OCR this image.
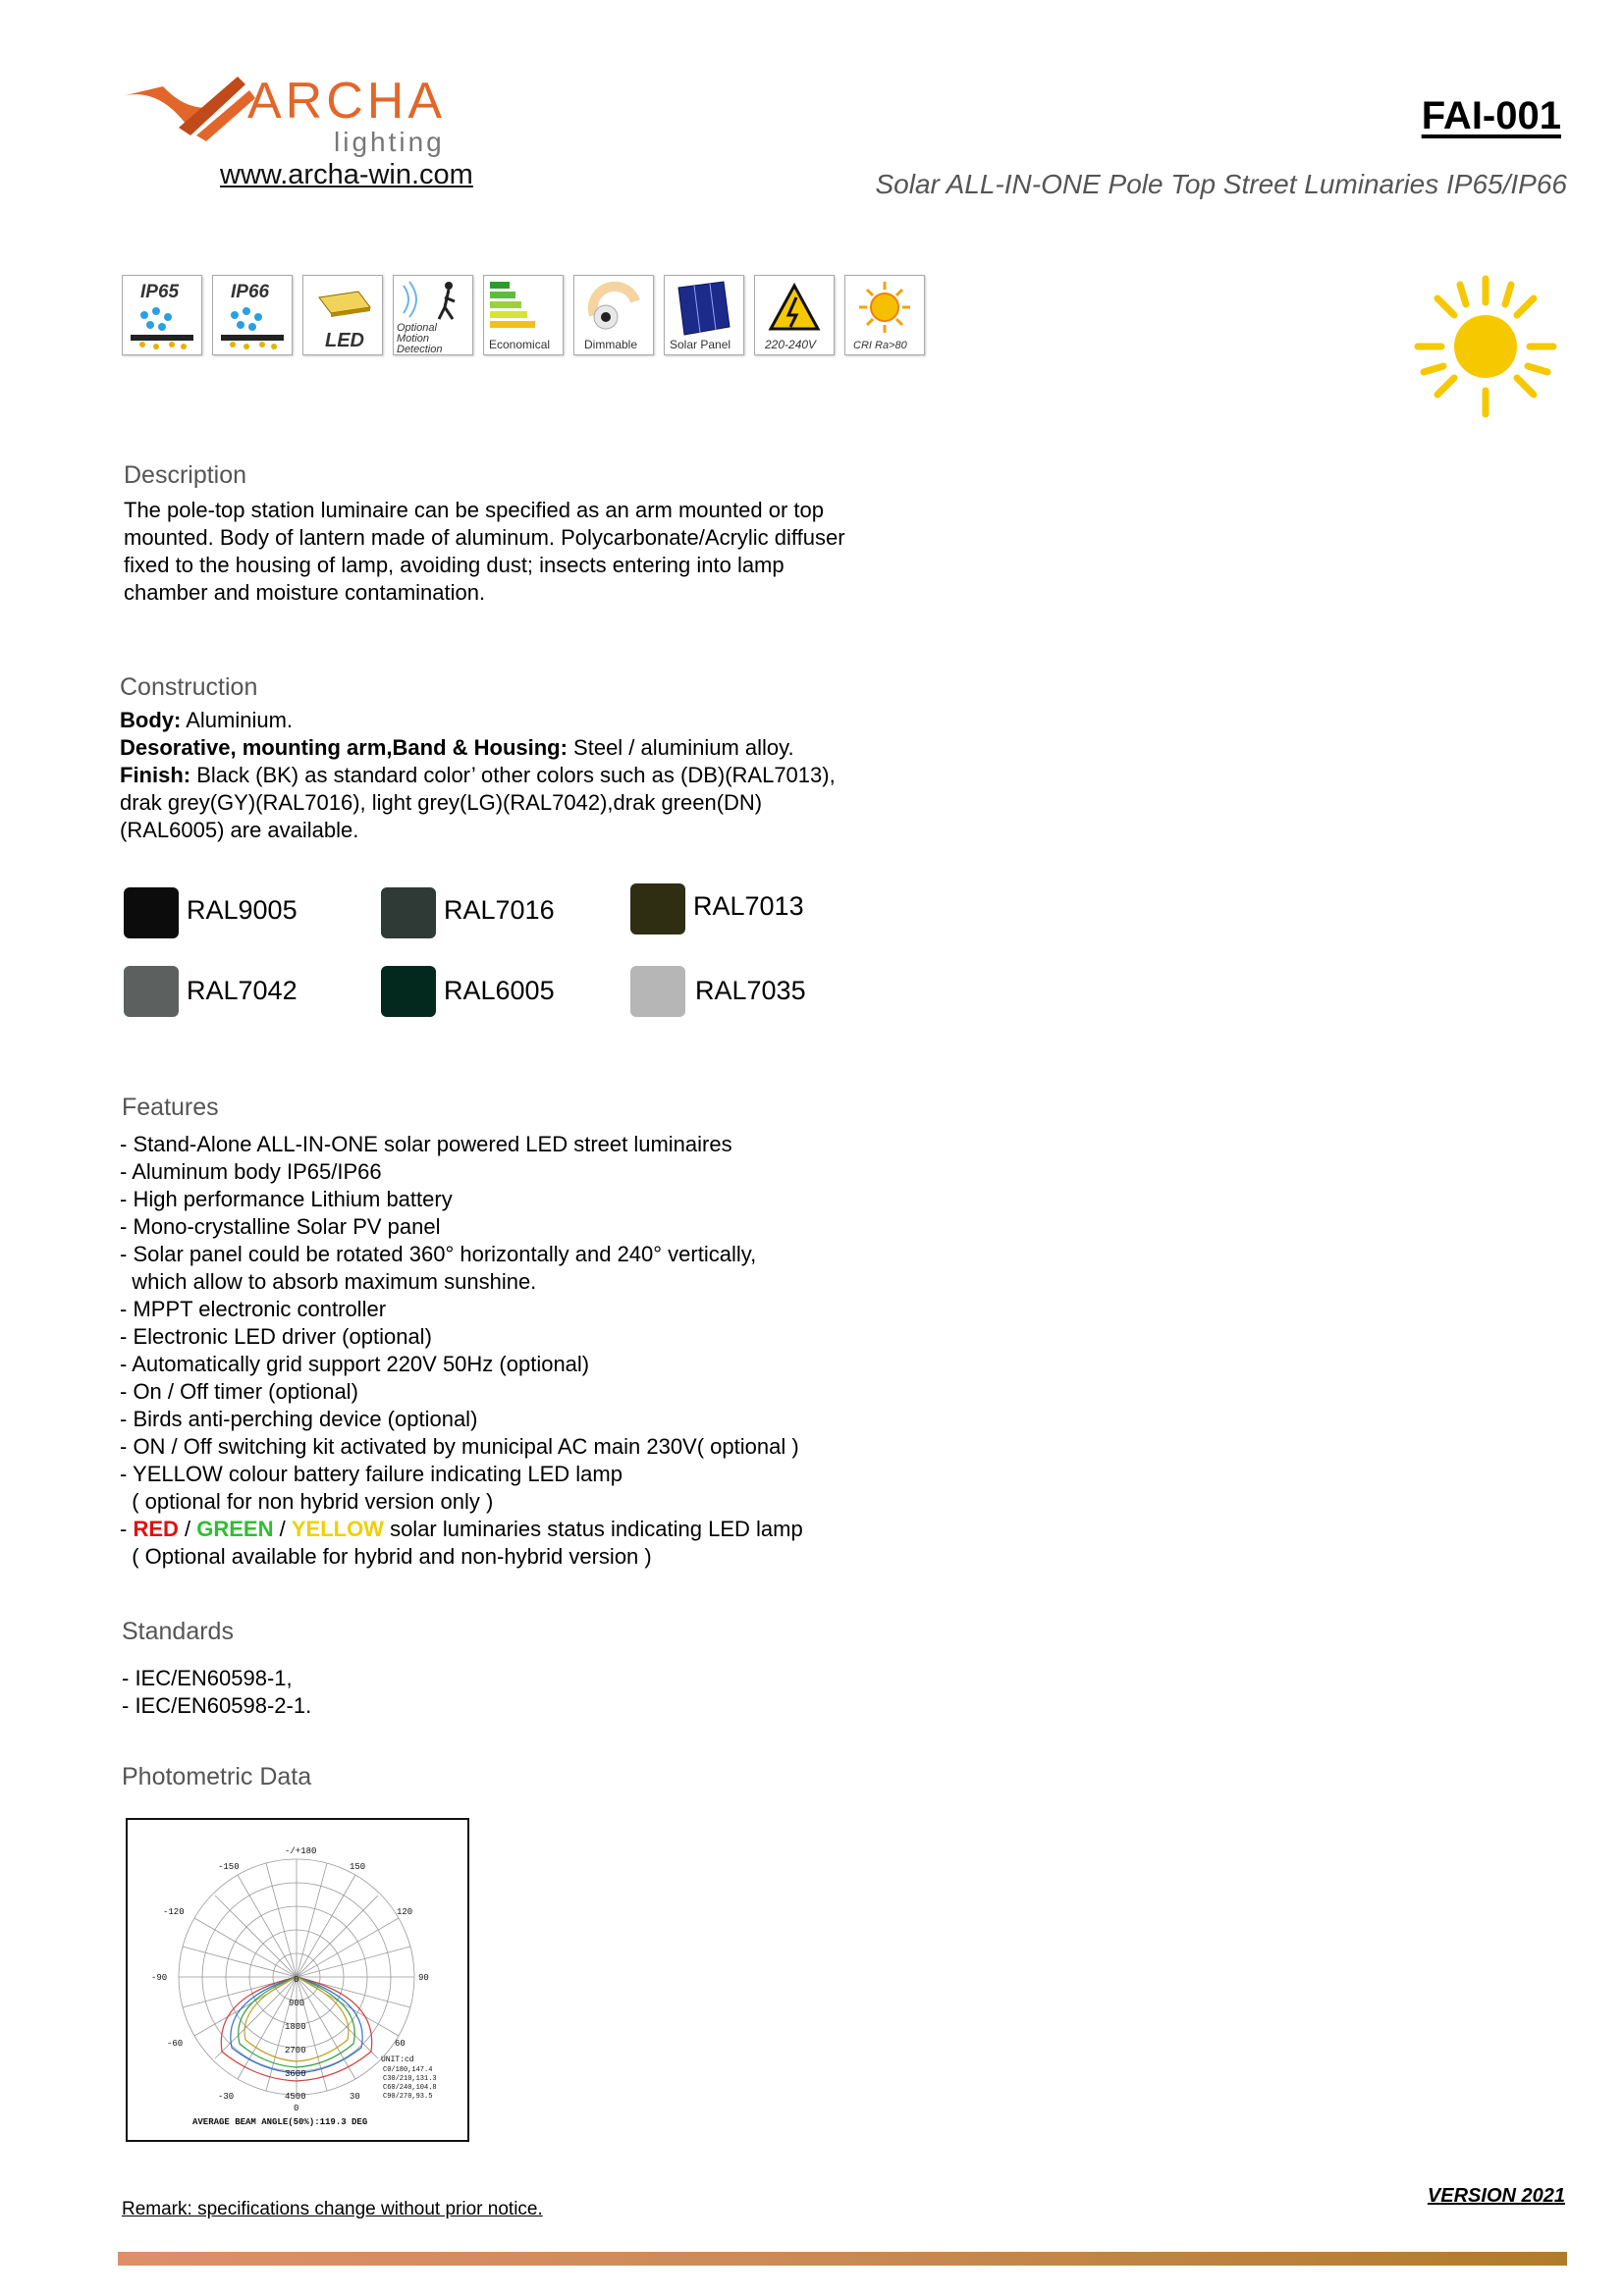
ARCHA
lighting
www.archa-win.com
FAI-001
Solar ALL-IN-ONE Pole Top Street Luminaries IP65/IP66
IP65	IP66
LED
Optional
Motion
Detection	Economical	Dimmable	Solar Panel	220-240V	CRI Ra>80
Description
The pole-top station luminaire can be specified as an arm mounted or top mounted. Body of lantern made of aluminum. Polycarbonate/Acrylic diffuser fixed to the housing of lamp, avoiding dust; insects entering into lamp chamber and moisture contamination.
Construction
Body: Aluminium.
Desorative, mounting arm,Band & Housing: Steel / aluminium alloy.
Finish: Black (BK) as standard color’ other colors such as (DB)(RAL7013), drak grey(GY)(RAL7016), light grey(LG)(RAL7042),drak green(DN)(RAL6005) are available.
RAL9005	RAL7016	RAL7013
RAL7042	RAL6005	RAL7035
Features
- Stand-Alone ALL-IN-ONE solar powered LED street luminaires
- Aluminum body IP65/IP66
- High performance Lithium battery
- Mono-crystalline Solar PV panel
- Solar panel could be rotated 360° horizontally and 240° vertically,
which allow to absorb maximum sunshine.
- MPPT electronic controller
- Electronic LED driver (optional)
- Automatically grid support 220V 50Hz (optional)
- On / Off timer (optional)
- Birds anti-perching device (optional)
- ON / Off switching kit activated by municipal AC main 230V( optional )
- YELLOW colour battery failure indicating LED lamp
( optional for non hybrid version only )
- RED / GREEN / YELLOW solar luminaries status indicating LED lamp
( Optional available for hybrid and non-hybrid version )
Standards
- IEC/EN60598-1,
- IEC/EN60598-2-1.
Photometric Data
-/+180
150
-150
120
-120
90
-90
60
-60
30
-30
0
0
900
1800
2700
3600
4500
UNIT:cd
C0/180,147.4
C30/210,131.3
C60/240,104.8
C90/270,93.5
AVERAGE BEAM ANGLE(50%):119.3 DEG
Remark: specifications change without prior notice.
VERSION 2021
